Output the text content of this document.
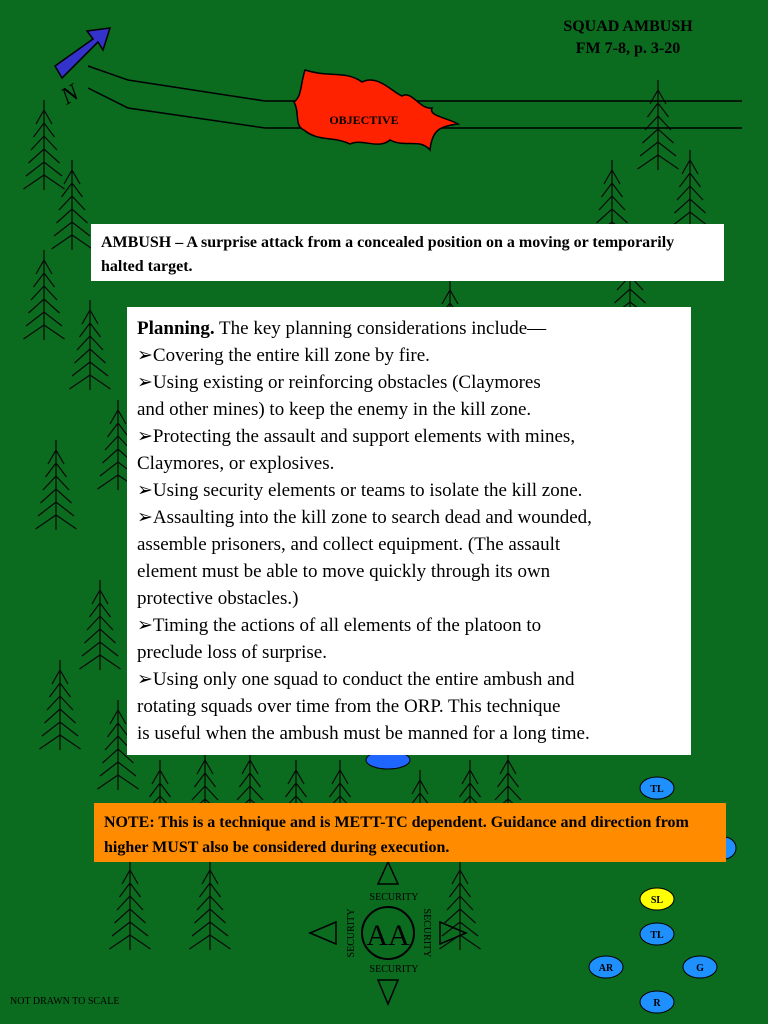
N
OBJECTIVE
AA
SECURITY
SECURITY
SECURITY	SECURITY
TL
SL
TL
AR	G
R
SQUAD AMBUSH
FM 7-8, p. 3-20
AMBUSH – A surprise attack from a concealed position on a moving or temporarily halted target.
Planning. The key planning considerations include—
➢Covering the entire kill zone by fire.
➢Using existing or reinforcing obstacles (Claymores
and other mines) to keep the enemy in the kill zone.
➢Protecting the assault and support elements with mines,
Claymores, or explosives.
➢Using security elements or teams to isolate the kill zone.
➢Assaulting into the kill zone to search dead and wounded,
assemble prisoners, and collect equipment. (The assault
element must be able to move quickly through its own
protective obstacles.)
➢Timing the actions of all elements of the platoon to
preclude loss of surprise.
➢Using only one squad to conduct the entire ambush and
rotating squads over time from the ORP. This technique
is useful when the ambush must be manned for a long time.
NOTE: This is a technique and is METT-TC dependent. Guidance and direction from higher MUST also be considered during execution.
NOT DRAWN TO SCALE
